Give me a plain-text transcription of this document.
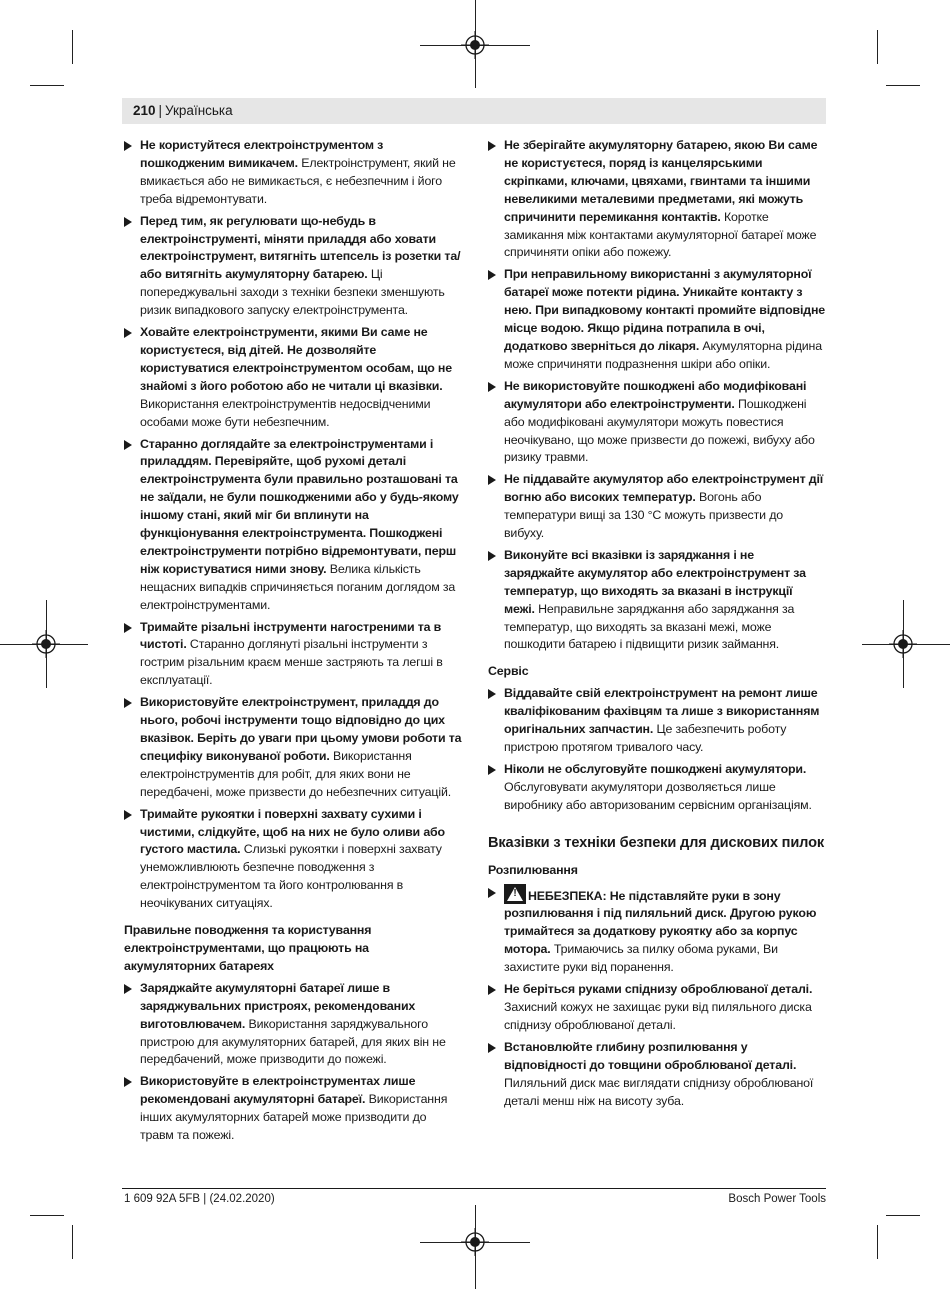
210 | Українська
Не користуйтеся електроінструментом з пошкодженим вимикачем. Електроінструмент, який не вмикається або не вимикається, є небезпечним і його треба відремонтувати.
Перед тим, як регулювати що-небудь в електроінструменті, міняти приладдя або ховати електроінструмент, витягніть штепсель із розетки та/або витягніть акумуляторну батарею. Ці попереджувальні заходи з техніки безпеки зменшують ризик випадкового запуску електроінструмента.
Ховайте електроінструменти, якими Ви саме не користуєтеся, від дітей. Не дозволяйте користуватися електроінструментом особам, що не знайомі з його роботою або не читали ці вказівки. Використання електроінструментів недосвідченими особами може бути небезпечним.
Старанно доглядайте за електроінструментами і приладдям. Перевіряйте, щоб рухомі деталі електроінструмента були правильно розташовані та не заїдали, не були пошкодженими або у будь-якому іншому стані, який міг би вплинути на функціонування електроінструмента. Пошкоджені електроінструменти потрібно відремонтувати, перш ніж користуватися ними знову. Велика кількість нещасних випадків спричиняється поганим доглядом за електроінструментами.
Тримайте різальні інструменти нагостреними та в чистоті. Старанно доглянуті різальні інструменти з гострим різальним краєм менше застряють та легші в експлуатації.
Використовуйте електроінструмент, приладдя до нього, робочі інструменти тощо відповідно до цих вказівок. Беріть до уваги при цьому умови роботи та специфіку виконуваної роботи. Використання електроінструментів для робіт, для яких вони не передбачені, може призвести до небезпечних ситуацій.
Тримайте рукоятки і поверхні захвату сухими і чистими, слідкуйте, щоб на них не було оливи або густого мастила. Слизькі рукоятки і поверхні захвату унеможливлюють безпечне поводження з електроінструментом та його контролювання в неочікуваних ситуаціях.
Правильне поводження та користування електроінструментами, що працюють на акумуляторних батареях
Заряджайте акумуляторні батареї лише в заряджувальних пристроях, рекомендованих виготовлювачем. Використання заряджувального пристрою для акумуляторних батарей, для яких він не передбачений, може призводити до пожежі.
Використовуйте в електроінструментах лише рекомендовані акумуляторні батареї. Використання інших акумуляторних батарей може призводити до травм та пожежі.
Не зберігайте акумуляторну батарею, якою Ви саме не користуєтеся, поряд із канцелярськими скріпками, ключами, цвяхами, гвинтами та іншими невеликими металевими предметами, які можуть спричинити перемикання контактів. Коротке замикання між контактами акумуляторної батареї може спричиняти опіки або пожежу.
При неправильному використанні з акумуляторної батареї може потекти рідина. Уникайте контакту з нею. При випадковому контакті промийте відповідне місце водою. Якщо рідина потрапила в очі, додатково зверніться до лікаря. Акумуляторна рідина може спричиняти подразнення шкіри або опіки.
Не використовуйте пошкоджені або модифіковані акумулятори або електроінструменти. Пошкоджені або модифіковані акумулятори можуть повестися неочікувано, що може призвести до пожежі, вибуху або ризику травми.
Не піддавайте акумулятор або електроінструмент дії вогню або високих температур. Вогонь або температури вищі за 130 °C можуть призвести до вибуху.
Виконуйте всі вказівки із заряджання і не заряджайте акумулятор або електроінструмент за температур, що виходять за вказані в інструкції межі. Неправильне заряджання або заряджання за температур, що виходять за вказані межі, може пошкодити батарею і підвищити ризик займання.
Сервіс
Віддавайте свій електроінструмент на ремонт лише кваліфікованим фахівцям та лише з використанням оригінальних запчастин. Це забезпечить роботу пристрою протягом тривалого часу.
Ніколи не обслуговуйте пошкоджені акумулятори. Обслуговувати акумулятори дозволяється лише виробнику або авторизованим сервісним організаціям.
Вказівки з техніки безпеки для дискових пилок
Розпилювання
!НЕБЕЗПЕКА: Не підставляйте руки в зону розпилювання і під пиляльний диск. Другою рукою тримайтеся за додаткову рукоятку або за корпус мотора. Тримаючись за пилку обома руками, Ви захистите руки від поранення.
Не беріться руками спіднизу оброблюваної деталі. Захисний кожух не захищає руки від пиляльного диска спіднизу оброблюваної деталі.
Встановлюйте глибину розпилювання у відповідності до товщини оброблюваної деталі. Пиляльний диск має виглядати спіднизу оброблюваної деталі менш ніж на висоту зуба.
1 609 92A 5FB | (24.02.2020)	Bosch Power Tools
